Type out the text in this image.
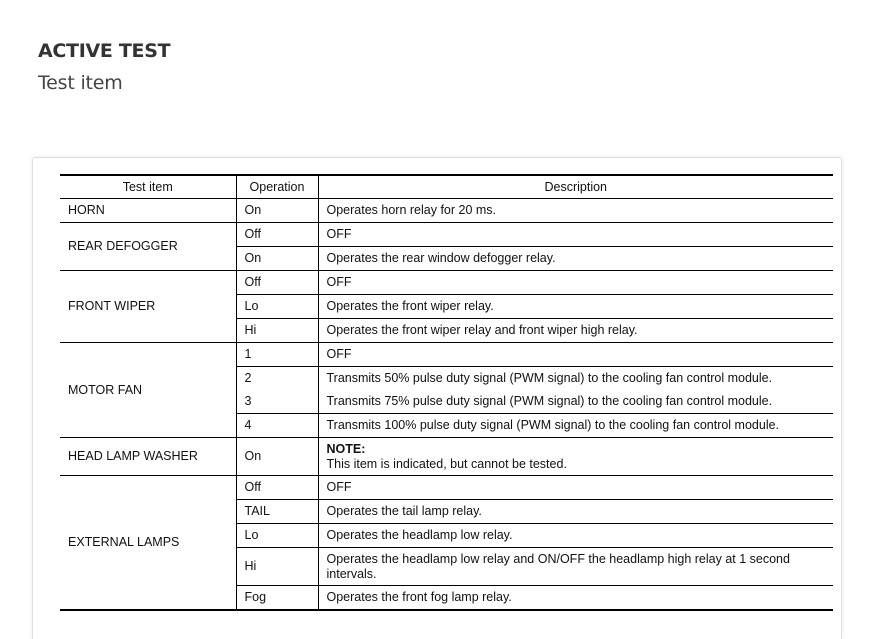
ACTIVE TEST
Test item
Test item	Operation	Description
HORN	On	Operates horn relay for 20 ms.
REAR DEFOGGER	Off	OFF
	On	Operates the rear window defogger relay.
FRONT WIPER	Off	OFF
	Lo	Operates the front wiper relay.
	Hi	Operates the front wiper relay and front wiper high relay.
MOTOR FAN	1	OFF
	2	Transmits 50% pulse duty signal (PWM signal) to the cooling fan control module.
	3	Transmits 75% pulse duty signal (PWM signal) to the cooling fan control module.
	4	Transmits 100% pulse duty signal (PWM signal) to the cooling fan control module.
HEAD LAMP WASHER	On	NOTE:
This item is indicated, but cannot be tested.
EXTERNAL LAMPS	Off	OFF
	TAIL	Operates the tail lamp relay.
	Lo	Operates the headlamp low relay.
	Hi	Operates the headlamp low relay and ON/OFF the headlamp high relay at 1 second intervals.
	Fog	Operates the front fog lamp relay.
